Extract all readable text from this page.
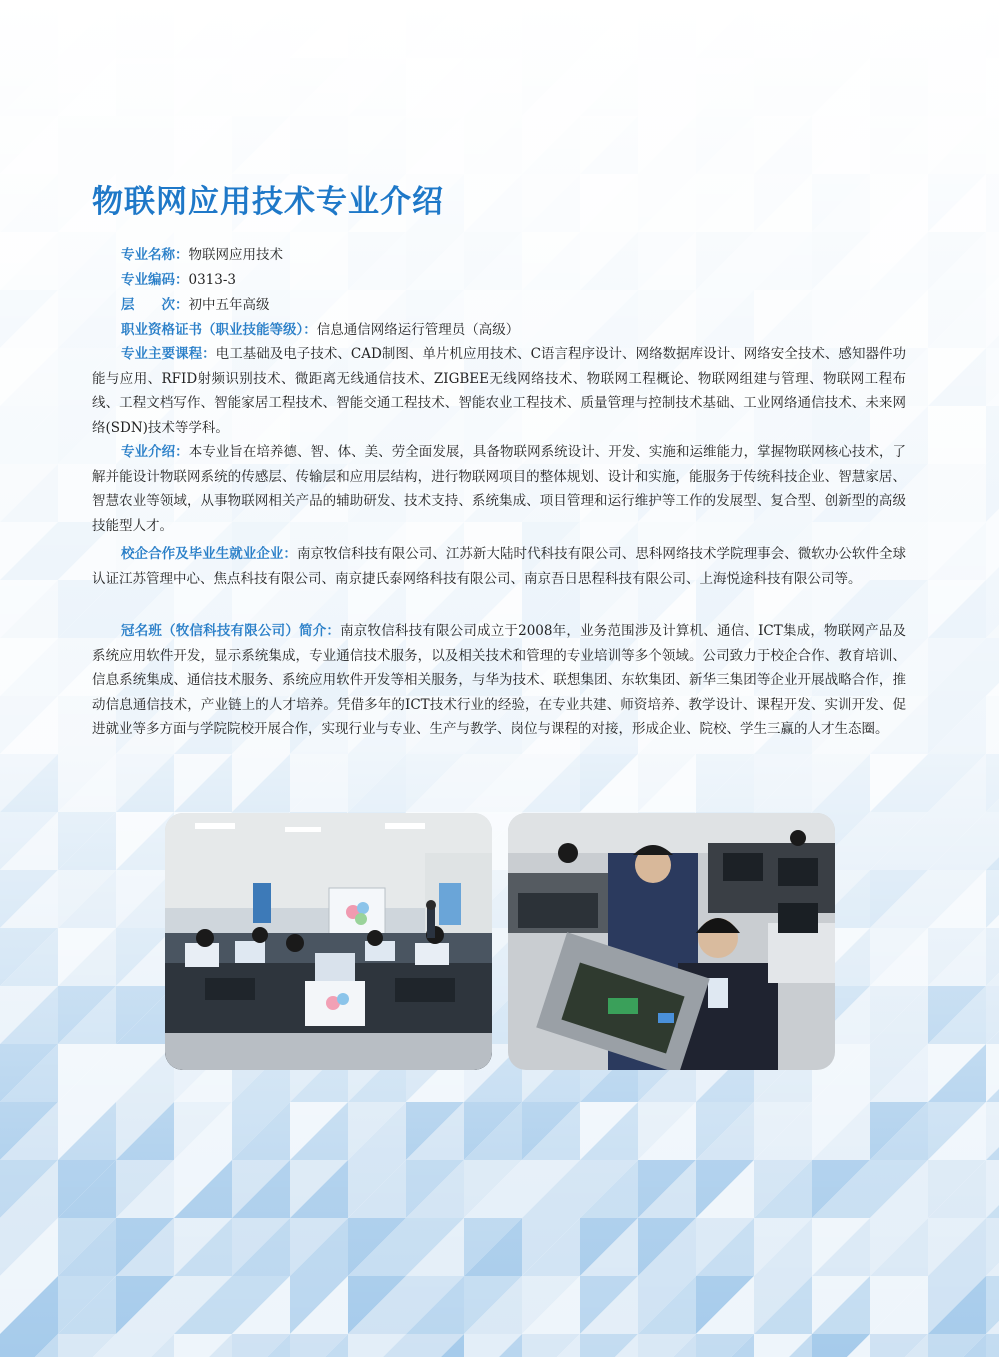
物联网应用技术专业介绍
专业名称：物联网应用技术
专业编码：0313-3
层　　次：初中五年高级
职业资格证书（职业技能等级）：信息通信网络运行管理员（高级）

专业主要课程：电工基础及电子技术、CAD制图、单片机应用技术、C语言程序设计、网络数据库设计、网络安全技术、感知器件功能与应用、RFID射频识别技术、微距离无线通信技术、ZIGBEE无线网络技术、物联网工程概论、物联网组建与管理、物联网工程布线、工程文档写作、智能家居工程技术、智能交通工程技术、智能农业工程技术、质量管理与控制技术基础、工业网络通信技术、未来网络(SDN)技术等学科。

专业介绍：本专业旨在培养德、智、体、美、劳全面发展，具备物联网系统设计、开发、实施和运维能力，掌握物联网核心技术，了解并能设计物联网系统的传感层、传输层和应用层结构，进行物联网项目的整体规划、设计和实施，能服务于传统科技企业、智慧家居、智慧农业等领域，从事物联网相关产品的辅助研发、技术支持、系统集成、项目管理和运行维护等工作的发展型、复合型、创新型的高级技能型人才。

校企合作及毕业生就业企业：南京牧信科技有限公司、江苏新大陆时代科技有限公司、思科网络技术学院理事会、微软办公软件全球认证江苏管理中心、焦点科技有限公司、南京捷氏泰网络科技有限公司、南京吾日思程科技有限公司、上海悦途科技有限公司等。

冠名班（牧信科技有限公司）简介：南京牧信科技有限公司成立于2008年，业务范围涉及计算机、通信、ICT集成，物联网产品及系统应用软件开发，显示系统集成，专业通信技术服务，以及相关技术和管理的专业培训等多个领域。公司致力于校企合作、教育培训、信息系统集成、通信技术服务、系统应用软件开发等相关服务，与华为技术、联想集团、东软集团、新华三集团等企业开展战略合作，推动信息通信技术，产业链上的人才培养。凭借多年的ICT技术行业的经验，在专业共建、师资培养、教学设计、课程开发、实训开发、促进就业等多方面与学院院校开展合作，实现行业与专业、生产与教学、岗位与课程的对接，形成企业、院校、学生三赢的人才生态圈。
